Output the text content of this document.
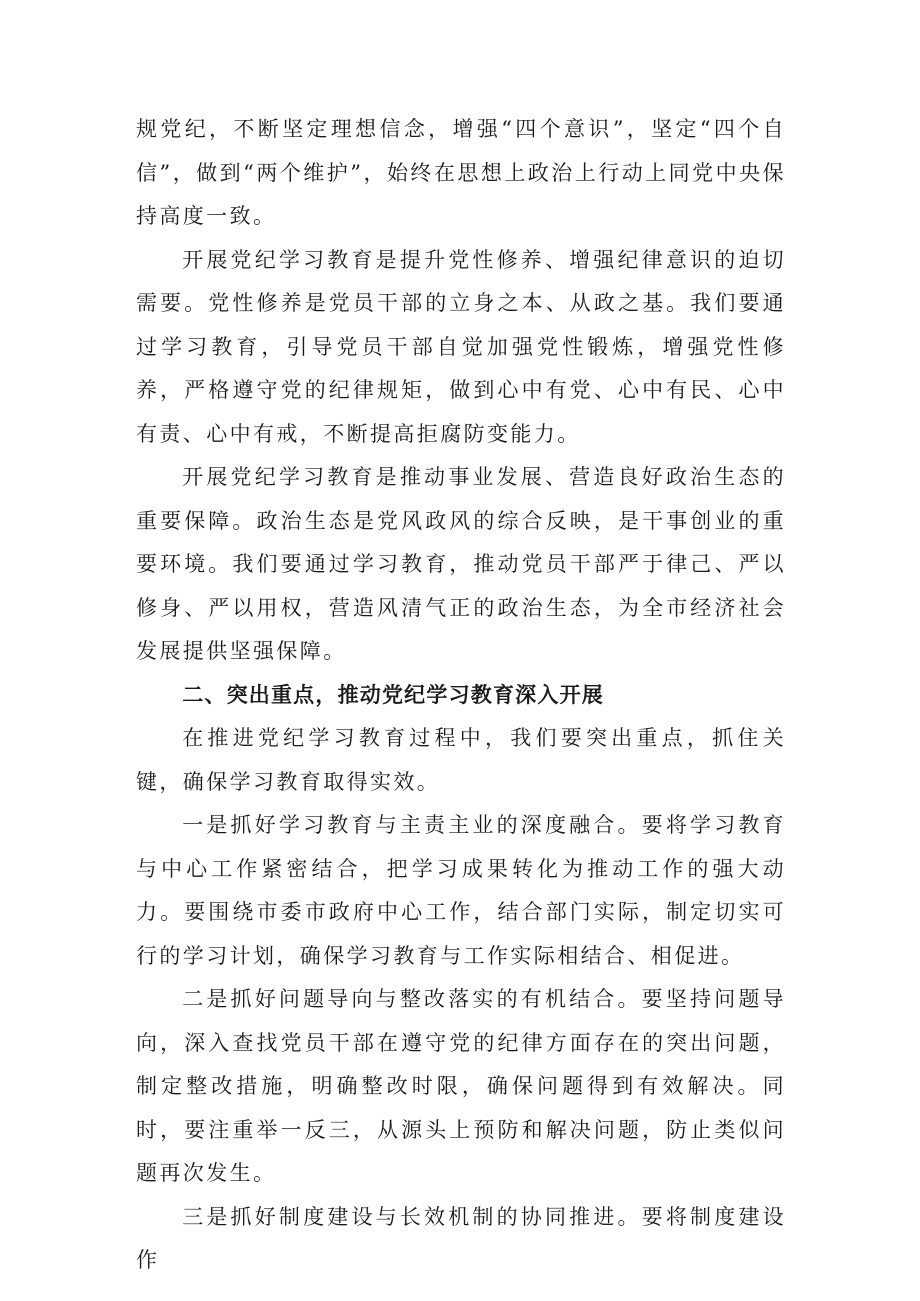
规党纪，不断坚定理想信念，增强“四个意识”，坚定“四个自信”，做到“两个维护”，始终在思想上政治上行动上同党中央保持高度一致。

开展党纪学习教育是提升党性修养、增强纪律意识的迫切需要。党性修养是党员干部的立身之本、从政之基。我们要通过学习教育，引导党员干部自觉加强党性锻炼，增强党性修养，严格遵守党的纪律规矩，做到心中有党、心中有民、心中有责、心中有戒，不断提高拒腐防变能力。

开展党纪学习教育是推动事业发展、营造良好政治生态的重要保障。政治生态是党风政风的综合反映，是干事创业的重要环境。我们要通过学习教育，推动党员干部严于律己、严以修身、严以用权，营造风清气正的政治生态，为全市经济社会发展提供坚强保障。

二、突出重点，推动党纪学习教育深入开展

在推进党纪学习教育过程中，我们要突出重点，抓住关键，确保学习教育取得实效。

一是抓好学习教育与主责主业的深度融合。要将学习教育与中心工作紧密结合，把学习成果转化为推动工作的强大动力。要围绕市委市政府中心工作，结合部门实际，制定切实可行的学习计划，确保学习教育与工作实际相结合、相促进。

二是抓好问题导向与整改落实的有机结合。要坚持问题导向，深入查找党员干部在遵守党的纪律方面存在的突出问题，制定整改措施，明确整改时限，确保问题得到有效解决。同时，要注重举一反三，从源头上预防和解决问题，防止类似问题再次发生。

三是抓好制度建设与长效机制的协同推进。要将制度建设作
